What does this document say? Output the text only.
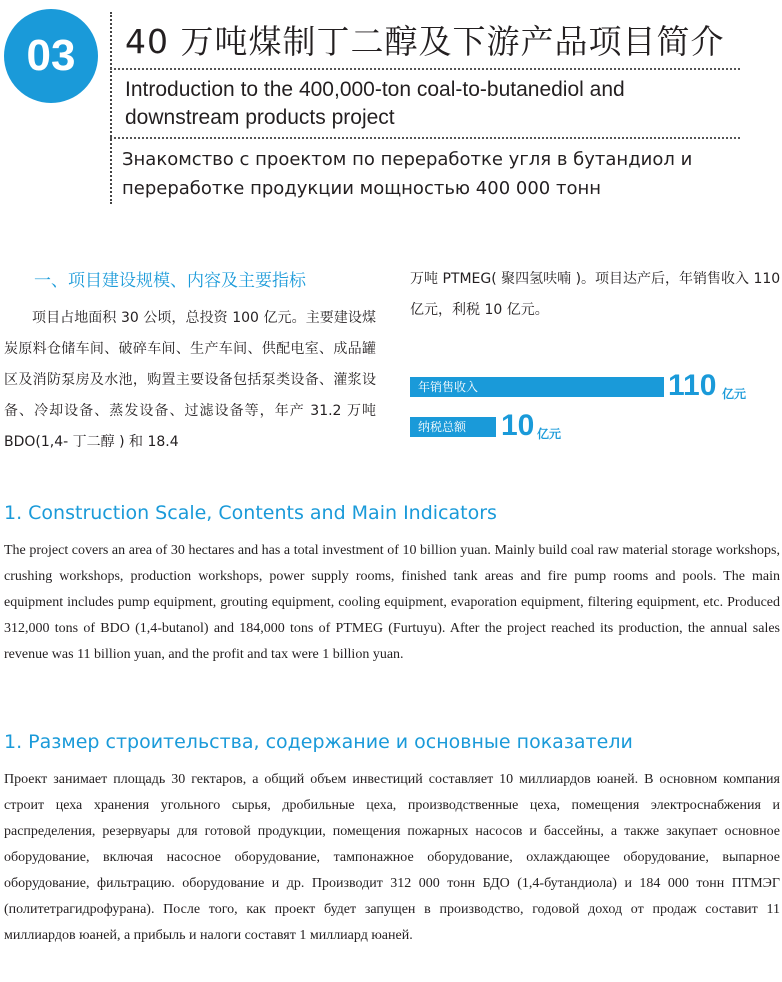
03 40 万吨煤制丁二醇及下游产品项目简介
Introduction to the 400,000-ton coal-to-butanediol and downstream products project
Знакомство с проектом по переработке угля в бутандиол и переработке продукции мощностью 400 000 тонн
一、项目建设规模、内容及主要指标
项目占地面积 30 公顷，总投资 100 亿元。主要建设煤炭原料仓储车间、破碎车间、生产车间、供配电室、成品罐区及消防泵房及水池，购置主要设备包括泵类设备、灌浆设备、冷却设备、蒸发设备、过滤设备等，年产 31.2 万吨 BDO(1,4- 丁二醇 ) 和 18.4
万吨 PTMEG( 聚四氢呋喃 )。项目达产后，年销售收入 110 亿元，利税 10 亿元。
年销售收入	110 亿元
纳税总额	10 亿元
1. Construction Scale, Contents and Main Indicators
The project covers an area of 30 hectares and has a total investment of 10 billion yuan. Mainly build coal raw material storage workshops, crushing workshops, production workshops, power supply rooms, finished tank areas and fire pump rooms and pools. The main equipment includes pump equipment, grouting equipment, cooling equipment, evaporation equipment, filtering equipment, etc. Produced 312,000 tons of BDO (1,4-butanol) and 184,000 tons of PTMEG (Furtuyu). After the project reached its production, the annual sales revenue was 11 billion yuan, and the profit and tax were 1 billion yuan.
1. Размер строительства, содержание и основные показатели
Проект занимает площадь 30 гектаров, а общий объем инвестиций составляет 10 миллиардов юаней. В основном компания строит цеха хранения угольного сырья, дробильные цеха, производственные цеха, помещения электроснабжения и распределения, резервуары для готовой продукции, помещения пожарных насосов и бассейны, а также закупает основное оборудование, включая насосное оборудование, тампонажное оборудование, охлаждающее оборудование, выпарное оборудование, фильтрацию. оборудование и др. Производит 312 000 тонн БДО (1,4-бутандиола) и 184 000 тонн ПТМЭГ (политетрагидрофурана). После того, как проект будет запущен в производство, годовой доход от продаж составит 11 миллиардов юаней, а прибыль и налоги составят 1 миллиард юаней.
